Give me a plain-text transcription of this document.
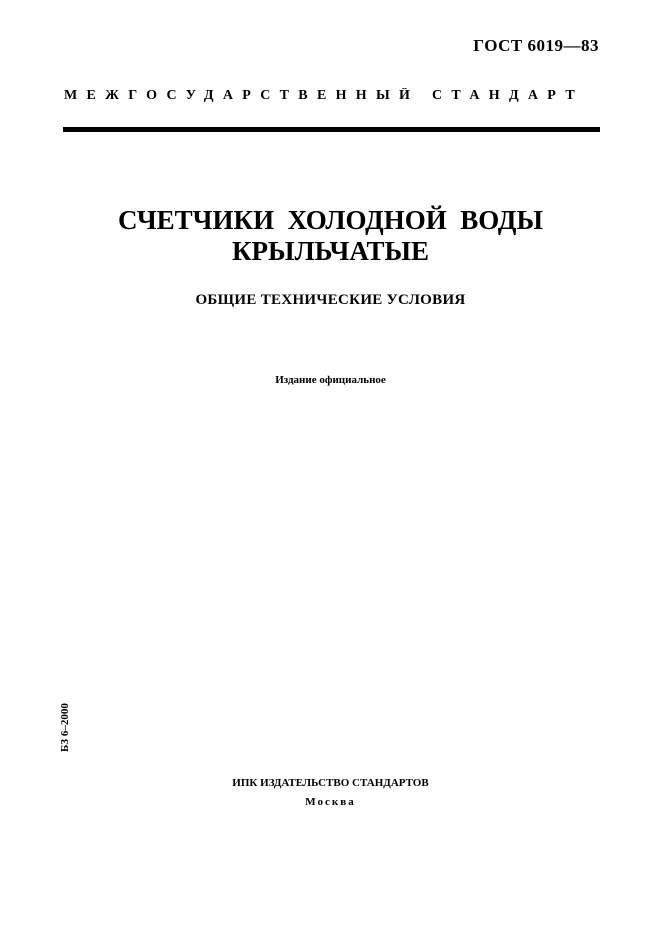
ГОСТ 6019—83
МЕЖГОСУДАРСТВЕННЫЙ СТАНДАРТ
СЧЕТЧИКИ  ХОЛОДНОЙ  ВОДЫ
КРЫЛЬЧАТЫЕ
ОБЩИЕ ТЕХНИЧЕСКИЕ УСЛОВИЯ
Издание официальное
БЗ 6–2000
ИПК ИЗДАТЕЛЬСТВО СТАНДАРТОВ
Москва
